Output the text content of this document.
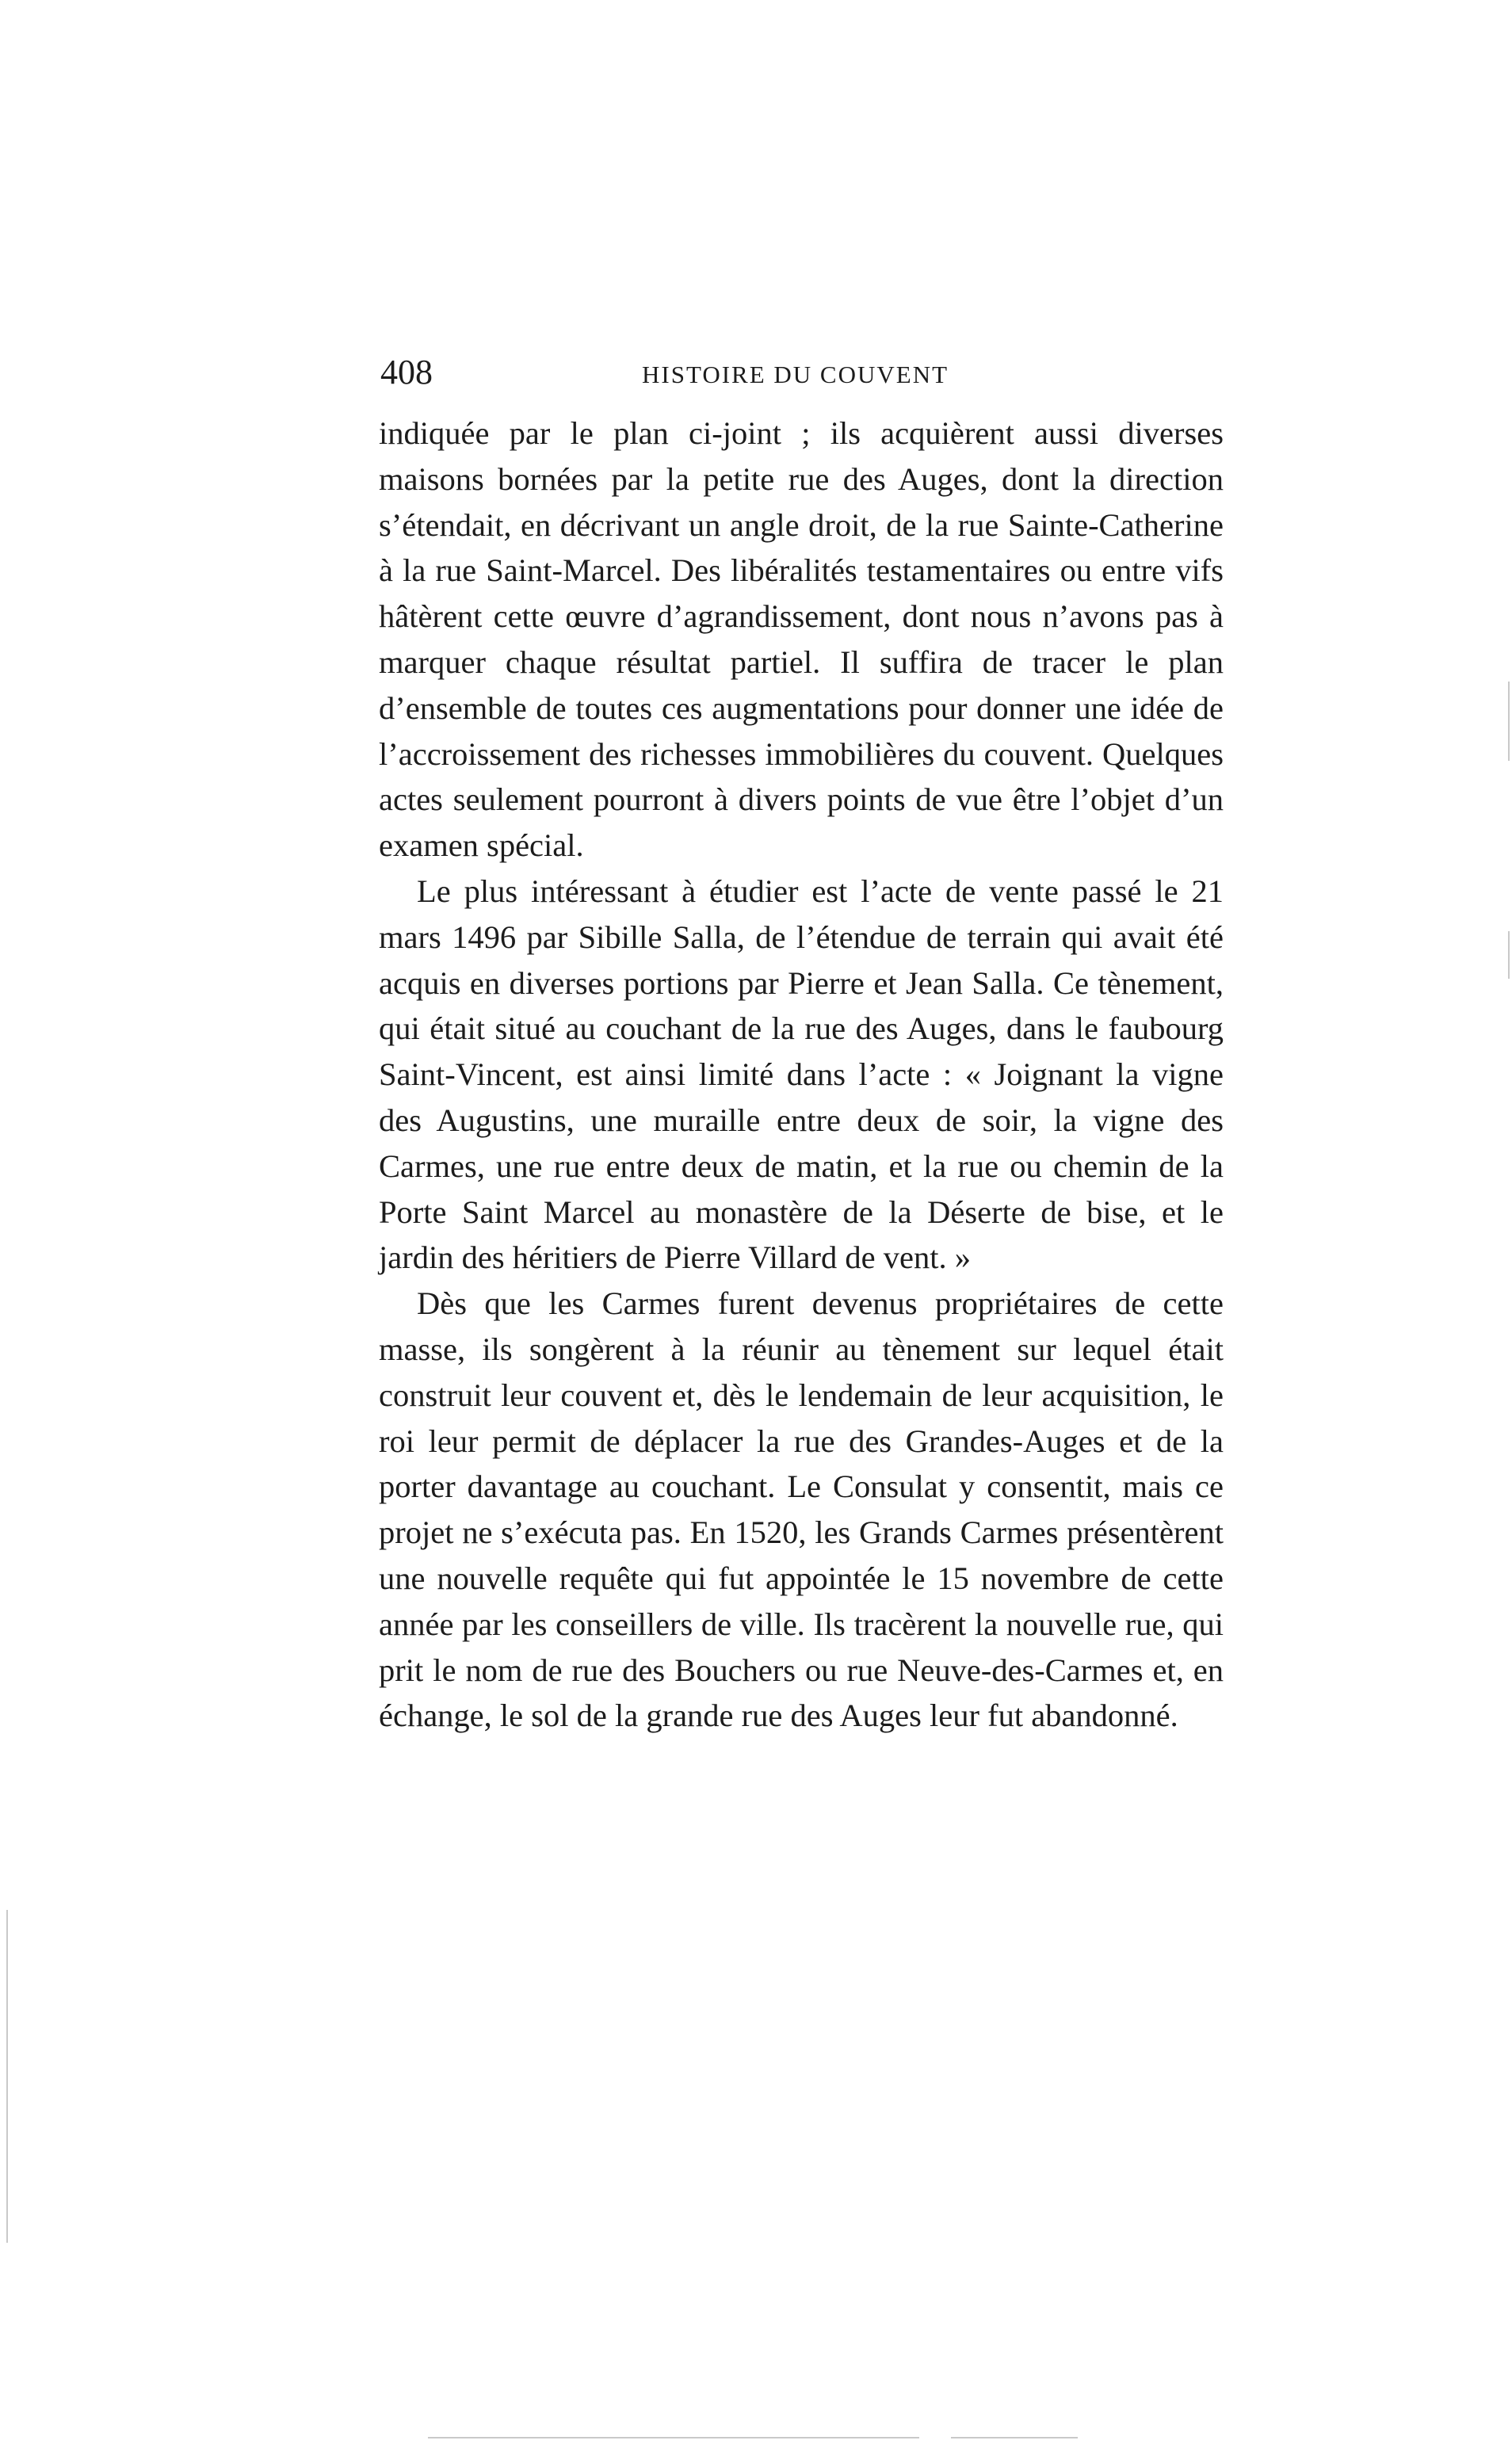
408	HISTOIRE DU COUVENT

indiquée par le plan ci-joint ; ils acquièrent aussi diverses maisons bornées par la petite rue des Auges, dont la direction s’étendait, en décrivant un angle droit, de la rue Sainte-Catherine à la rue Saint-Marcel. Des libéralités testamentaires ou entre vifs hâtèrent cette œuvre d’agrandissement, dont nous n’avons pas à marquer chaque résultat partiel. Il suffira de tracer le plan d’ensemble de toutes ces augmentations pour donner une idée de l’accroissement des richesses immobilières du couvent. Quelques actes seulement pourront à divers points de vue être l’objet d’un examen spécial.

Le plus intéressant à étudier est l’acte de vente passé le 21 mars 1496 par Sibille Salla, de l’étendue de terrain qui avait été acquis en diverses portions par Pierre et Jean Salla. Ce tènement, qui était situé au couchant de la rue des Auges, dans le faubourg Saint-Vincent, est ainsi limité dans l’acte : « Joignant la vigne des Augustins, une muraille entre deux de soir, la vigne des Carmes, une rue entre deux de matin, et la rue ou chemin de la Porte Saint Marcel au monastère de la Déserte de bise, et le jardin des héritiers de Pierre Villard de vent. »

Dès que les Carmes furent devenus propriétaires de cette masse, ils songèrent à la réunir au tènement sur lequel était construit leur couvent et, dès le lendemain de leur acquisition, le roi leur permit de déplacer la rue des Grandes-Auges et de la porter davantage au couchant. Le Consulat y consentit, mais ce projet ne s’exécuta pas. En 1520, les Grands Carmes présentèrent une nouvelle requête qui fut appointée le 15 novembre de cette année par les conseillers de ville. Ils tracèrent la nouvelle rue, qui prit le nom de rue des Bouchers ou rue Neuve-des-Carmes et, en échange, le sol de la grande rue des Auges leur fut abandonné.
